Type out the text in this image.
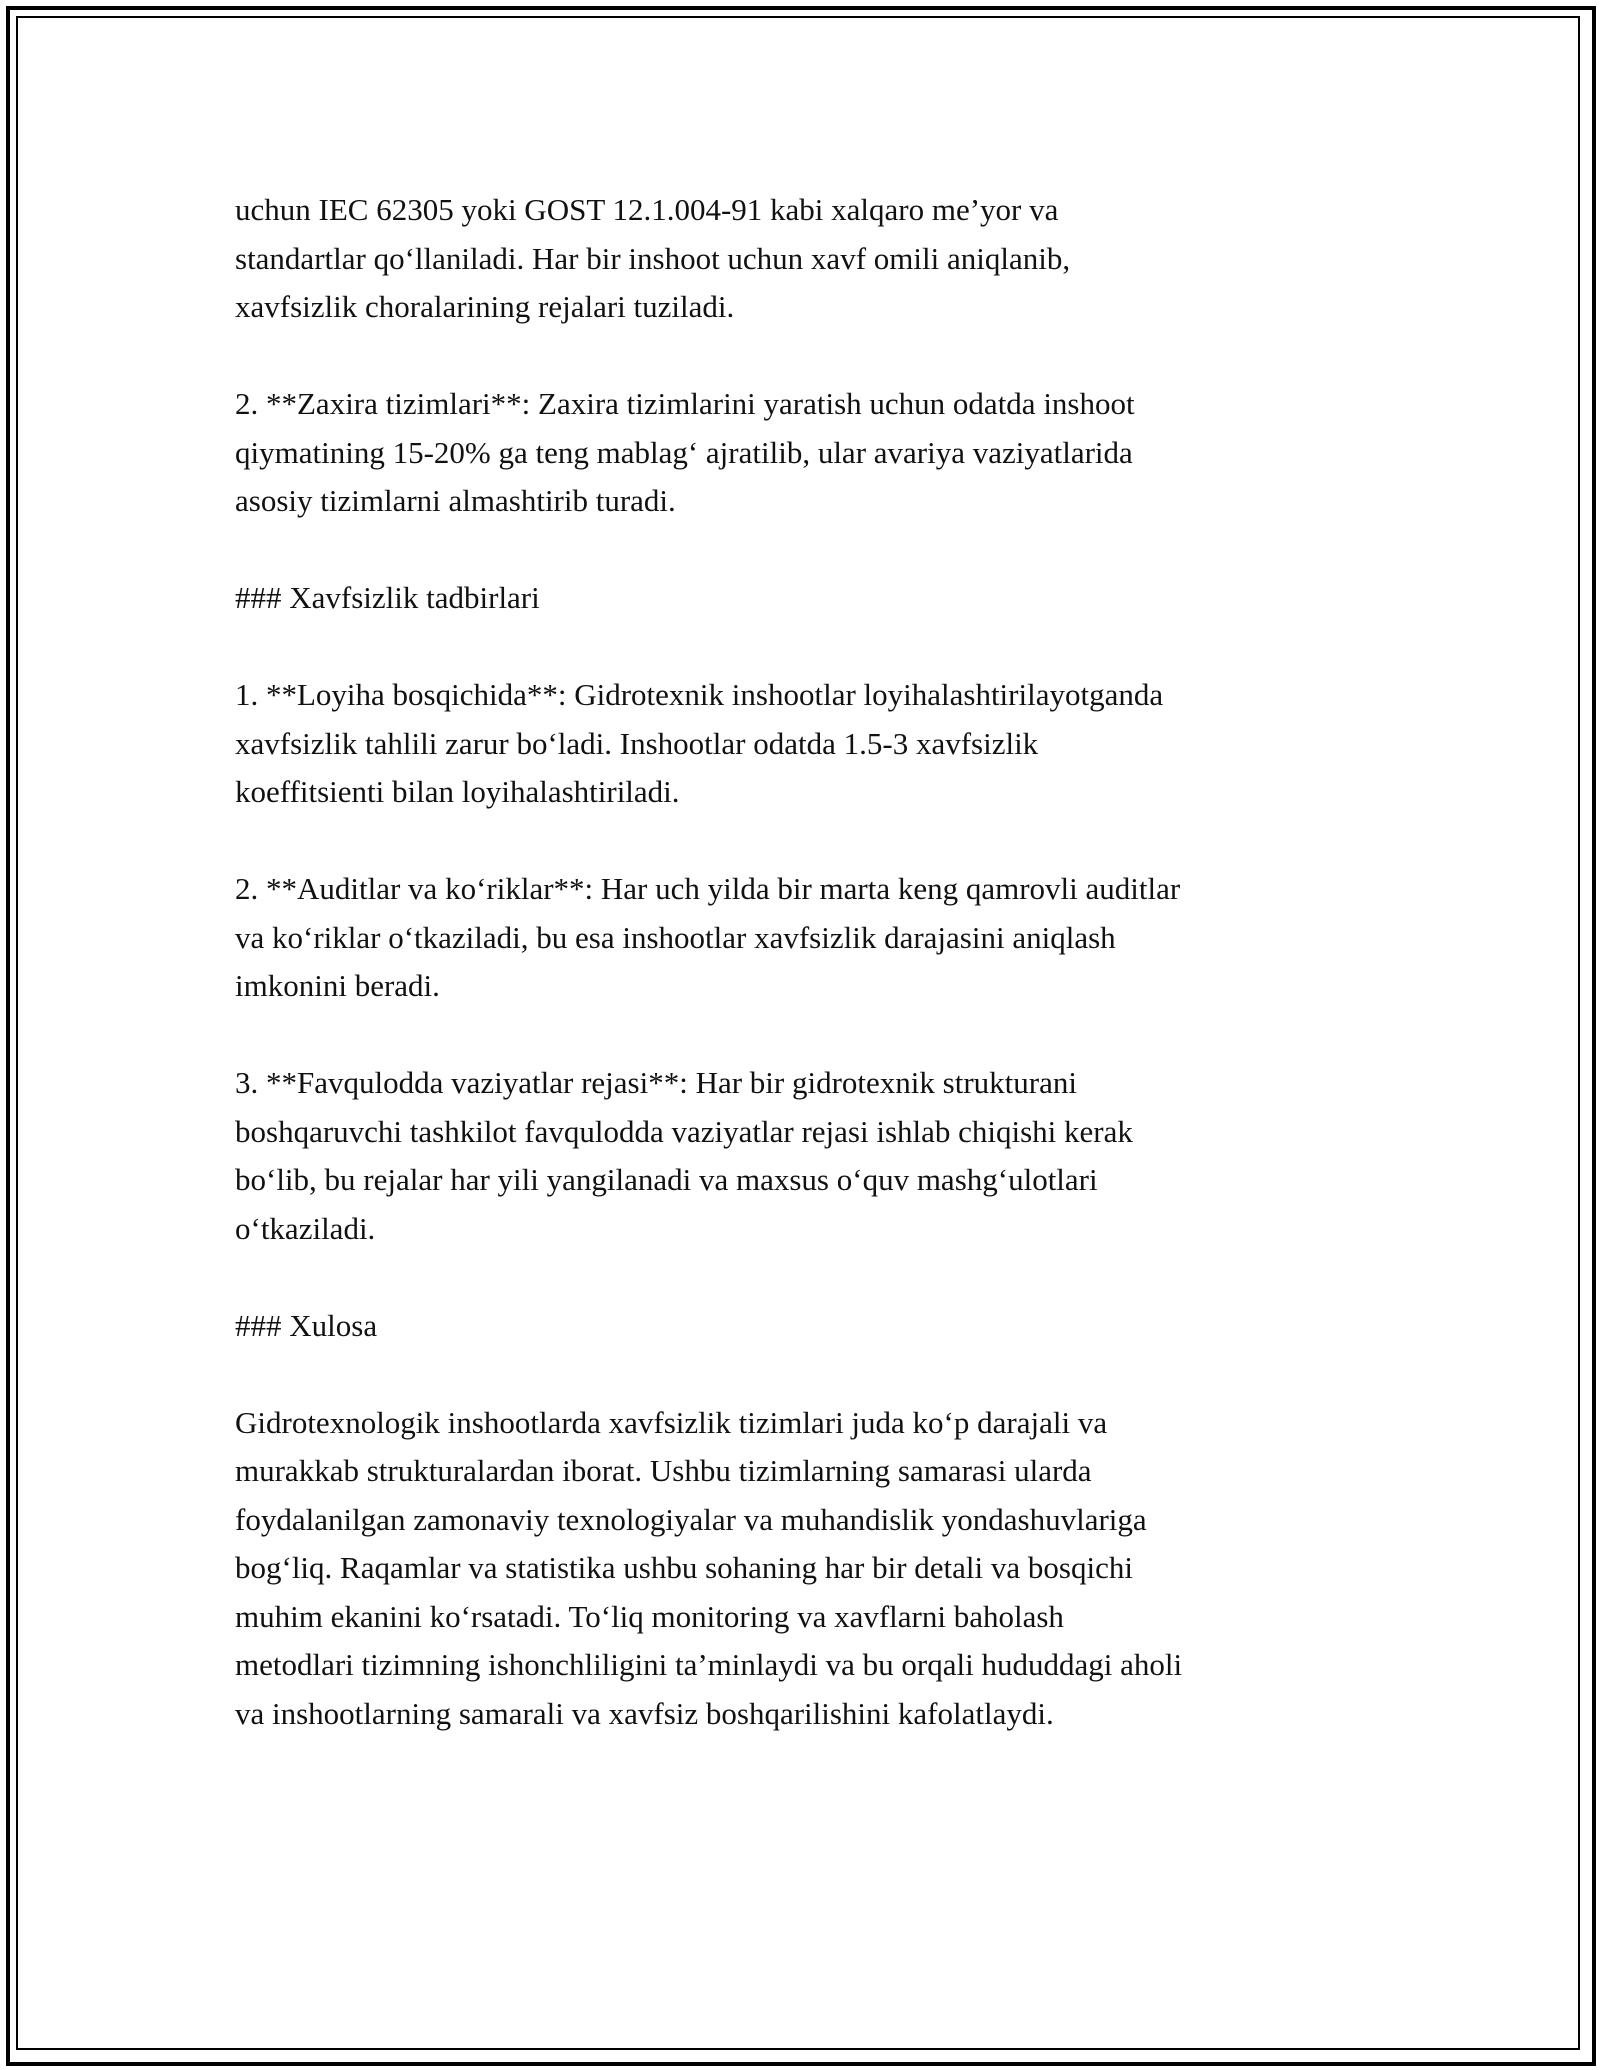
uchun IEC 62305 yoki GOST 12.1.004-91 kabi xalqaro me’yor va
standartlar qo‘llaniladi. Har bir inshoot uchun xavf omili aniqlanib,
xavfsizlik choralarining rejalari tuziladi.

2. **Zaxira tizimlari**: Zaxira tizimlarini yaratish uchun odatda inshoot
qiymatining 15-20% ga teng mablag‘ ajratilib, ular avariya vaziyatlarida
asosiy tizimlarni almashtirib turadi.

### Xavfsizlik tadbirlari

1. **Loyiha bosqichida**: Gidrotexnik inshootlar loyihalashtirilayotganda
xavfsizlik tahlili zarur bo‘ladi. Inshootlar odatda 1.5-3 xavfsizlik
koeffitsienti bilan loyihalashtiriladi.

2. **Auditlar va ko‘riklar**: Har uch yilda bir marta keng qamrovli auditlar
va ko‘riklar o‘tkaziladi, bu esa inshootlar xavfsizlik darajasini aniqlash
imkonini beradi.

3. **Favqulodda vaziyatlar rejasi**: Har bir gidrotexnik strukturani
boshqaruvchi tashkilot favqulodda vaziyatlar rejasi ishlab chiqishi kerak
bo‘lib, bu rejalar har yili yangilanadi va maxsus o‘quv mashg‘ulotlari
o‘tkaziladi.

### Xulosa

Gidrotexnologik inshootlarda xavfsizlik tizimlari juda ko‘p darajali va
murakkab strukturalardan iborat. Ushbu tizimlarning samarasi ularda
foydalanilgan zamonaviy texnologiyalar va muhandislik yondashuvlariga
bog‘liq. Raqamlar va statistika ushbu sohaning har bir detali va bosqichi
muhim ekanini ko‘rsatadi. To‘liq monitoring va xavflarni baholash
metodlari tizimning ishonchliligini ta’minlaydi va bu orqali hududdagi aholi
va inshootlarning samarali va xavfsiz boshqarilishini kafolatlaydi.
